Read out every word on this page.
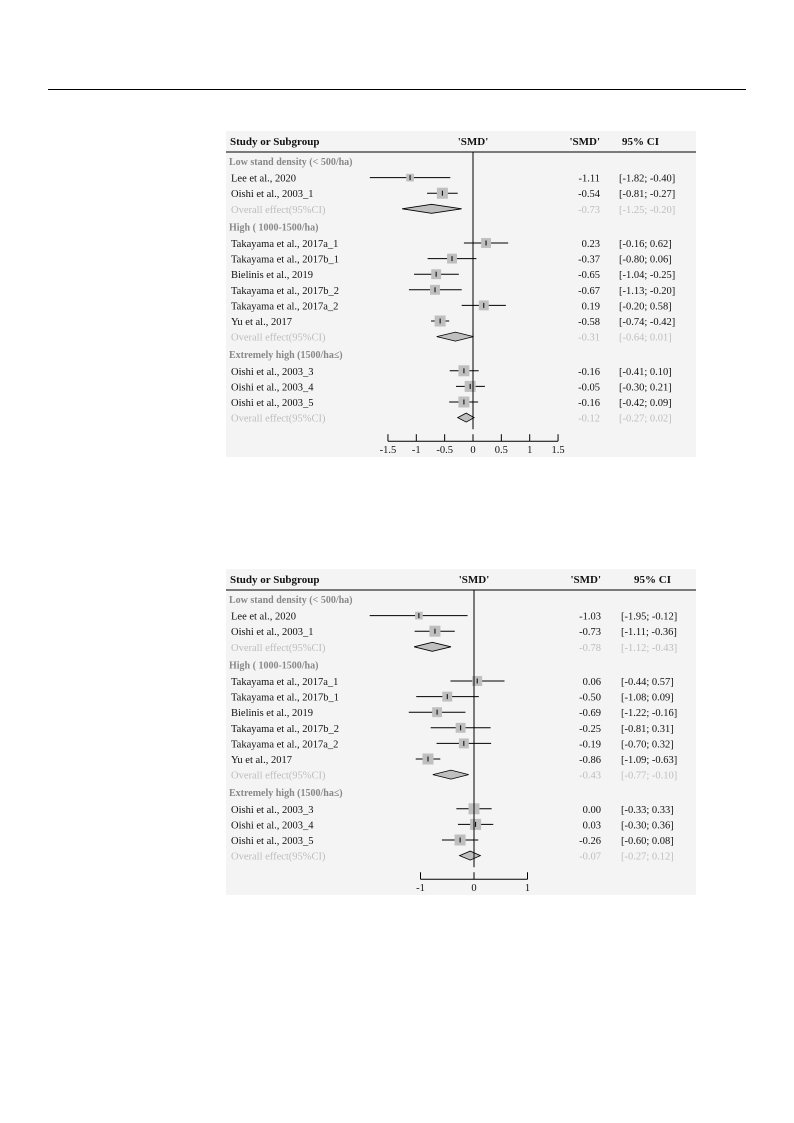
Study or Subgroup	'SMD'	'SMD' 95% CI
Low stand density (< 500/ha)
Lee et al., 2020	-1.11 [-1.82; -0.40]
Oishi et al., 2003_1	-0.54 [-0.81; -0.27]
Overall effect(95%CI)	-0.73 [-1.25; -0.20]
High ( 1000-1500/ha)
Takayama et al., 2017a_1	0.23 [-0.16; 0.62]
Takayama et al., 2017b_1	-0.37 [-0.80; 0.06]
Bielinis et al., 2019	-0.65 [-1.04; -0.25]
Takayama et al., 2017b_2	-0.67 [-1.13; -0.20]
Takayama et al., 2017a_2	0.19 [-0.20; 0.58]
Yu et al., 2017	-0.58 [-0.74; -0.42]
Overall effect(95%CI)	-0.31 [-0.64; 0.01]
Extremely high (1500/ha≤)
Oishi et al., 2003_3	-0.16 [-0.41; 0.10]
Oishi et al., 2003_4	-0.05 [-0.30; 0.21]
Oishi et al., 2003_5	-0.16 [-0.42; 0.09]
Overall effect(95%CI)	-0.12 [-0.27; 0.02]
-1.5 -1 -0.5 0 0.5 1 1.5
Study or Subgroup	'SMD'	'SMD'	95% CI
Low stand density (< 500/ha)
Lee et al., 2020	-1.03 [-1.95; -0.12]
Oishi et al., 2003_1	-0.73 [-1.11; -0.36]
Overall effect(95%CI)	-0.78 [-1.12; -0.43]
High ( 1000-1500/ha)
Takayama et al., 2017a_1	0.06 [-0.44; 0.57]
Takayama et al., 2017b_1	-0.50 [-1.08; 0.09]
Bielinis et al., 2019	-0.69 [-1.22; -0.16]
Takayama et al., 2017b_2	-0.25 [-0.81; 0.31]
Takayama et al., 2017a_2	-0.19 [-0.70; 0.32]
Yu et al., 2017	-0.86 [-1.09; -0.63]
Overall effect(95%CI)	-0.43 [-0.77; -0.10]
Extremely high (1500/ha≤)
Oishi et al., 2003_3	0.00 [-0.33; 0.33]
Oishi et al., 2003_4	0.03 [-0.30; 0.36]
Oishi et al., 2003_5	-0.26 [-0.60; 0.08]
Overall effect(95%CI)	-0.07 [-0.27; 0.12]
-1	0	1
